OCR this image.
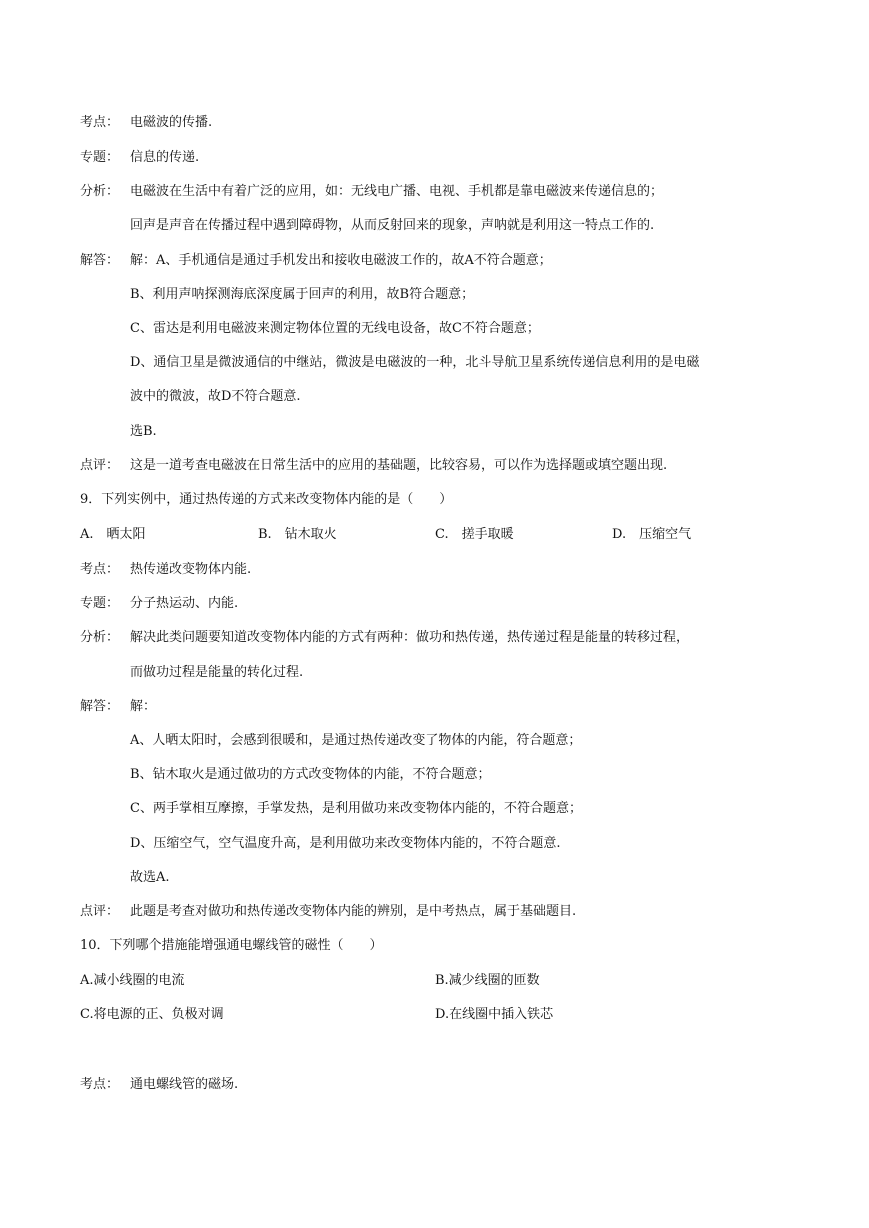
考点： 电磁波的传播.
专题： 信息的传递.
分析： 电磁波在生活中有着广泛的应用，如：无线电广播、电视、手机都是靠电磁波来传递信息的；
回声是声音在传播过程中遇到障碍物，从而反射回来的现象，声呐就是利用这一特点工作的.
解答： 解：A、手机通信是通过手机发出和接收电磁波工作的，故A不符合题意；
B、利用声呐探测海底深度属于回声的利用，故B符合题意；
C、雷达是利用电磁波来测定物体位置的无线电设备，故C不符合题意；
D、通信卫星是微波通信的中继站，微波是电磁波的一种，北斗导航卫星系统传递信息利用的是电磁
波中的微波，故D不符合题意.
选B.
点评： 这是一道考查电磁波在日常生活中的应用的基础题，比较容易，可以作为选择题或填空题出现.
9．下列实例中，通过热传递的方式来改变物体内能的是（　　）
A.　晒太阳	B.　钻木取火	C.　搓手取暖	D.　压缩空气
考点： 热传递改变物体内能.
专题： 分子热运动、内能.
分析： 解决此类问题要知道改变物体内能的方式有两种：做功和热传递，热传递过程是能量的转移过程，
而做功过程是能量的转化过程.
解答： 解：
A、人晒太阳时，会感到很暖和，是通过热传递改变了物体的内能，符合题意；
B、钻木取火是通过做功的方式改变物体的内能，不符合题意；
C、两手掌相互摩擦，手掌发热，是利用做功来改变物体内能的，不符合题意；
D、压缩空气，空气温度升高，是利用做功来改变物体内能的，不符合题意.
故选A.
点评： 此题是考查对做功和热传递改变物体内能的辨别，是中考热点，属于基础题目.
10．下列哪个措施能增强通电螺线管的磁性（　　）
A.减小线圈的电流	B.减少线圈的匝数
C.将电源的正、负极对调	D.在线圈中插入铁芯
考点： 通电螺线管的磁场.
